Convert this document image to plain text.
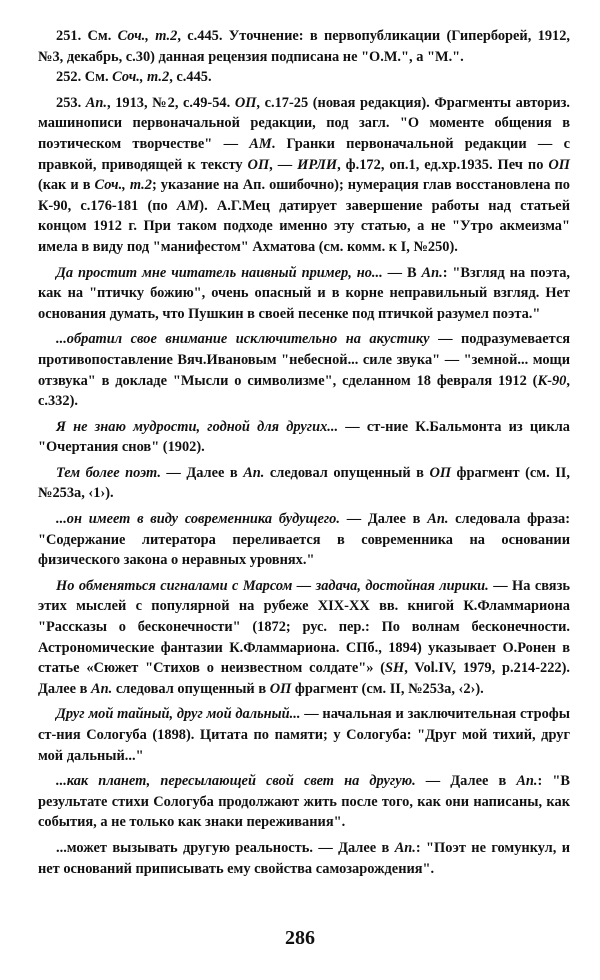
251. См. Соч., т.2, с.445. Уточнение: в первопубликации (Гиперборей, 1912, №3, декабрь, с.30) данная рецензия подписана не "О.М.", а "М.".

252. См. Соч., т.2, с.445.

253. Ап., 1913, №2, с.49-54. ОП, с.17-25 (новая редакция). Фрагменты авториз. машинописи первоначальной редакции, под загл. "О моменте общения в поэтическом творчестве" — АМ. Гранки первоначальной редакции — с правкой, приводящей к тексту ОП, — ИРЛИ, ф.172, оп.1, ед.хр.1935. Печ по ОП (как и в Соч., т.2; указание на Ап. ошибочно); нумерация глав восстановлена по К-90, с.176-181 (по АМ). А.Г.Мец датирует завершение работы над статьей концом 1912 г. При таком подходе именно эту статью, а не "Утро акмеизма" имела в виду под "манифестом" Ахматова (см. комм. к I, №250).

Да простит мне читатель наивный пример, но... — В Ап.: "Взгляд на поэта, как на "птичку божию", очень опасный и в корне неправильный взгляд. Нет основания думать, что Пушкин в своей песенке под птичкой разумел поэта."

...обратил свое внимание исключительно на акустику — подразумевается противопоставление Вяч.Ивановым "небесной... силе звука" — "земной... мощи отзвука" в докладе "Мысли о символизме", сделанном 18 февраля 1912 (К-90, с.332).

Я не знаю мудрости, годной для других... — ст-ние К.Бальмонта из цикла "Очертания снов" (1902).

Тем более поэт. — Далее в Ап. следовал опущенный в ОП фрагмент (см. II, №253а, ‹1›).

...он имеет в виду современника будущего. — Далее в Ап. следовала фраза: "Содержание литератора переливается в современника на основании физического закона о неравных уровнях."

Но обменяться сигналами с Марсом — задача, достойная лирики. — На связь этих мыслей с популярной на рубеже XIX-XX вв. книгой К.Фламмариона "Рассказы о бесконечности" (1872; рус. пер.: По волнам бесконечности. Астрономические фантазии К.Фламмариона. СПб., 1894) указывает О.Ронен в статье «Сюжет "Стихов о неизвестном солдате"» (SH, Vol.IV, 1979, p.214-222). Далее в Ап. следовал опущенный в ОП фрагмент (см. II, №253а, ‹2›).

Друг мой тайный, друг мой дальный... — начальная и заключительная строфы ст-ния Сологуба (1898). Цитата по памяти; у Сологуба: "Друг мой тихий, друг мой дальный..."

...как планет, пересылающей свой свет на другую. — Далее в Ап.: "В результате стихи Сологуба продолжают жить после того, как они написаны, как события, а не только как знаки переживания".

...может вызывать другую реальность. — Далее в Ап.: "Поэт не гомункул, и нет оснований приписывать ему свойства самозарождения".

286
